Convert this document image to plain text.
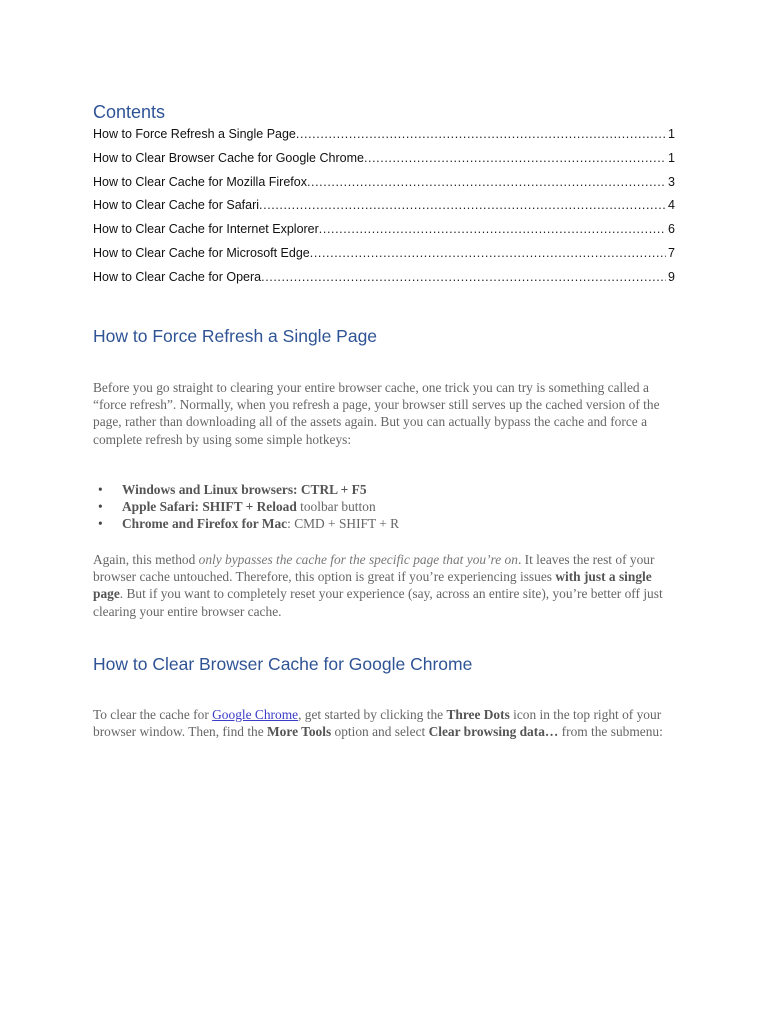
Contents
How to Force Refresh a Single Page .....	1
How to Clear Browser Cache for Google Chrome .....	1
How to Clear Cache for Mozilla Firefox .....	3
How to Clear Cache for Safari .....	4
How to Clear Cache for Internet Explorer .....	6
How to Clear Cache for Microsoft Edge .....	7
How to Clear Cache for Opera .....	9
How to Force Refresh a Single Page

Before you go straight to clearing your entire browser cache, one trick you can try is something called a “force refresh”. Normally, when you refresh a page, your browser still serves up the cached version of the page, rather than downloading all of the assets again. But you can actually bypass the cache and force a complete refresh by using some simple hotkeys:

• Windows and Linux browsers: CTRL + F5
• Apple Safari: SHIFT + Reload toolbar button
• Chrome and Firefox for Mac: CMD + SHIFT + R

Again, this method only bypasses the cache for the specific page that you’re on. It leaves the rest of your browser cache untouched. Therefore, this option is great if you’re experiencing issues with just a single page. But if you want to completely reset your experience (say, across an entire site), you’re better off just clearing your entire browser cache.

How to Clear Browser Cache for Google Chrome

To clear the cache for Google Chrome, get started by clicking the Three Dots icon in the top right of your browser window. Then, find the More Tools option and select Clear browsing data… from the submenu:
